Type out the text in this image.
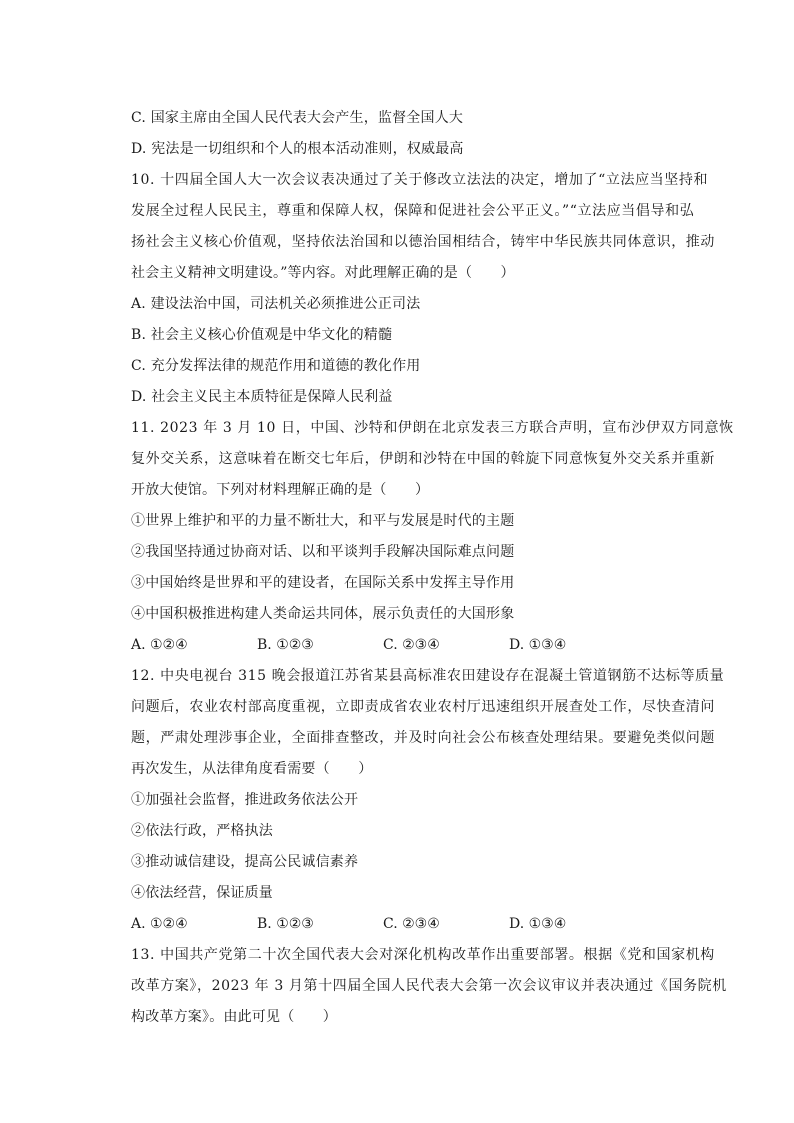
C. 国家主席由全国人民代表大会产生，监督全国人大
D. 宪法是一切组织和个人的根本活动准则，权威最高
10. 十四届全国人大一次会议表决通过了关于修改立法法的决定，增加了“立法应当坚持和
发展全过程人民民主，尊重和保障人权，保障和促进社会公平正义。”“立法应当倡导和弘
扬社会主义核心价值观，坚持依法治国和以德治国相结合，铸牢中华民族共同体意识，推动
社会主义精神文明建设。”等内容。对此理解正确的是（　　）
A. 建设法治中国，司法机关必须推进公正司法
B. 社会主义核心价值观是中华文化的精髓
C. 充分发挥法律的规范作用和道德的教化作用
D. 社会主义民主本质特征是保障人民利益
11. 2023 年 3 月 10 日，中国、沙特和伊朗在北京发表三方联合声明，宣布沙伊双方同意恢
复外交关系，这意味着在断交七年后，伊朗和沙特在中国的斡旋下同意恢复外交关系并重新
开放大使馆。下列对材料理解正确的是（　　）
①世界上维护和平的力量不断壮大，和平与发展是时代的主题
②我国坚持通过协商对话、以和平谈判手段解决国际难点问题
③中国始终是世界和平的建设者，在国际关系中发挥主导作用
④中国积极推进构建人类命运共同体，展示负责任的大国形象
A. ①②④	B. ①②③	C. ②③④	D. ①③④
12. 中央电视台 315 晚会报道江苏省某县高标准农田建设存在混凝土管道钢筋不达标等质量
问题后，农业农村部高度重视，立即责成省农业农村厅迅速组织开展查处工作，尽快查清问
题，严肃处理涉事企业，全面排查整改，并及时向社会公布核查处理结果。要避免类似问题
再次发生，从法律角度看需要（　　）
①加强社会监督，推进政务依法公开
②依法行政，严格执法
③推动诚信建设，提高公民诚信素养
④依法经营，保证质量
A. ①②④	B. ①②③	C. ②③④	D. ①③④
13. 中国共产党第二十次全国代表大会对深化机构改革作出重要部署。根据《党和国家机构
改革方案》，2023 年 3 月第十四届全国人民代表大会第一次会议审议并表决通过《国务院机
构改革方案》。由此可见（　　）
